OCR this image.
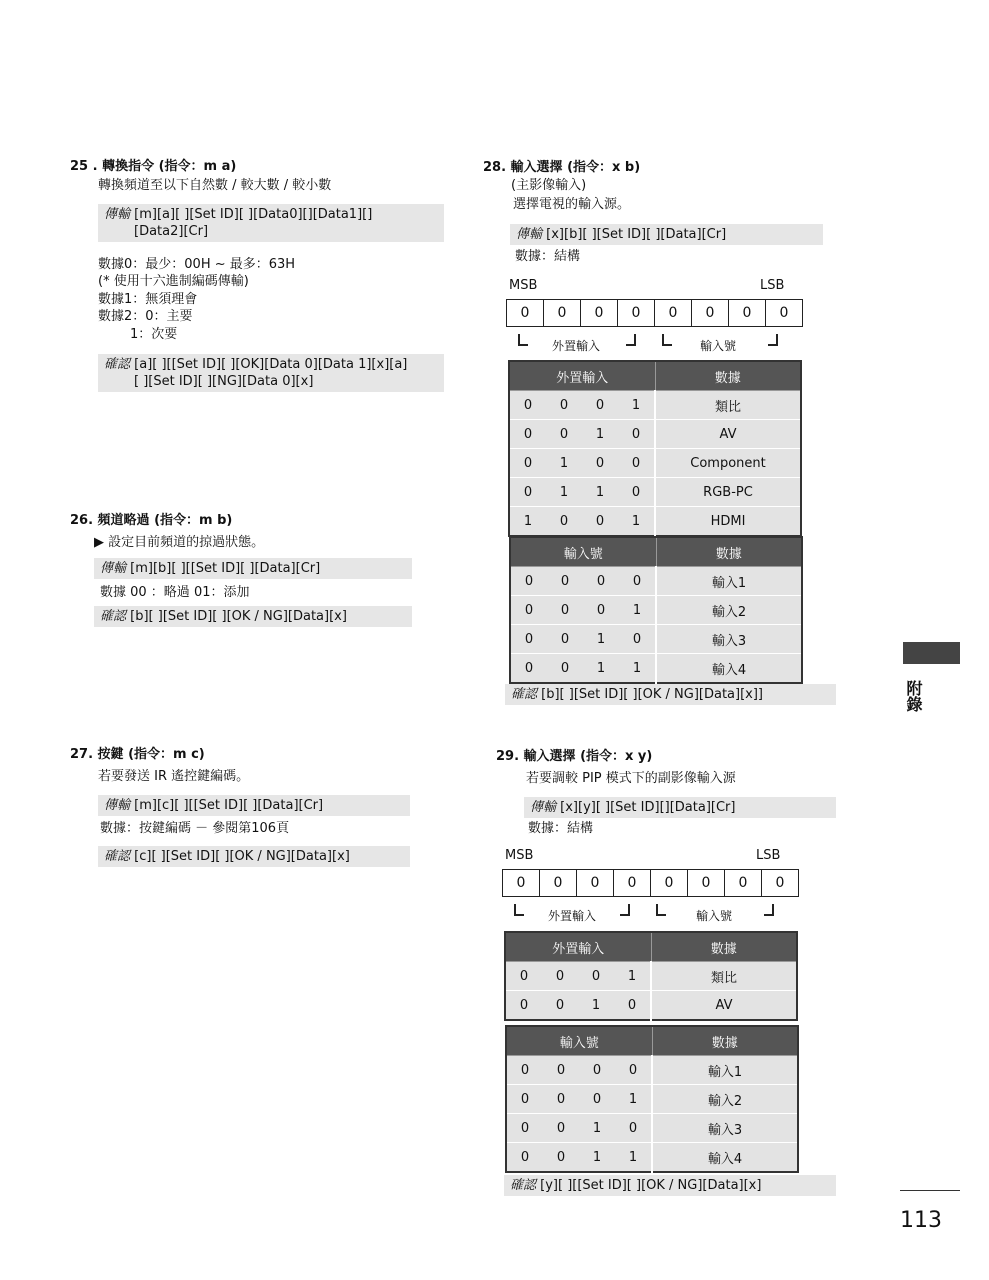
25 . 轉換指令 (指令：m a)
轉換頻道至以下自然數 / 較大數 / 較小數
傳輸 [m][a][ ][Set ID][ ][Data0][][Data1][]
[Data2][Cr]
數據0：最少：00H ~ 最多：63H
(* 使用十六進制編碼傳輸)
數據1：無須理會
數據2：0：主要
1：次要
確認 [a][ ][[Set ID][ ][OK][Data 0][Data 1][x][a]
[ ][Set ID][ ][NG][Data 0][x]
26. 頻道略過 (指令：m b)
▶ 設定目前頻道的掠過狀態。
傳輸 [m][b][ ][[Set ID][ ][Data][Cr]
數據 00 ：略過 01：添加
確認 [b][ ][Set ID][ ][OK / NG][Data][x]
27. 按鍵 (指令：m c)
若要發送 IR 遙控鍵編碼。
傳輸 [m][c][ ][[Set ID][ ][Data][Cr]
數據：按鍵編碼 － 參閱第106頁
確認 [c][ ][Set ID][ ][OK / NG][Data][x]
28. 輸入選擇 (指令：x b)
(主影像輸入)
選擇電視的輸入源。
傳輸 [x][b][ ][Set ID][ ][Data][Cr]
數據：結構
MSB	LSB
0	0	0	0	0	0	0	0
外置輸入	輸入號
外置輸入				數據
0	0	0	1	類比
0	0	1	0	AV
0	1	0	0	Component
0	1	1	0	RGB-PC
1	0	0	1	HDMI
輸入號				數據
0	0	0	0	輸入1
0	0	0	1	輸入2
0	0	1	0	輸入3
0	0	1	1	輸入4
確認 [b][ ][Set ID][ ][OK / NG][Data][x]]
29. 輸入選擇 (指令：x y)
若要調較 PIP 模式下的副影像輸入源
傳輸 [x][y][ ][Set ID][][Data][Cr]
數據：結構
MSB	LSB
0	0	0	0	0	0	0	0
外置輸入	輸入號
外置輸入				數據
0	0	0	1	類比
0	0	1	0	AV
輸入號				數據
0	0	0	0	輸入1
0	0	0	1	輸入2
0	0	1	0	輸入3
0	0	1	1	輸入4
確認 [y][ ][[Set ID][ ][OK / NG][Data][x]
附錄
113
